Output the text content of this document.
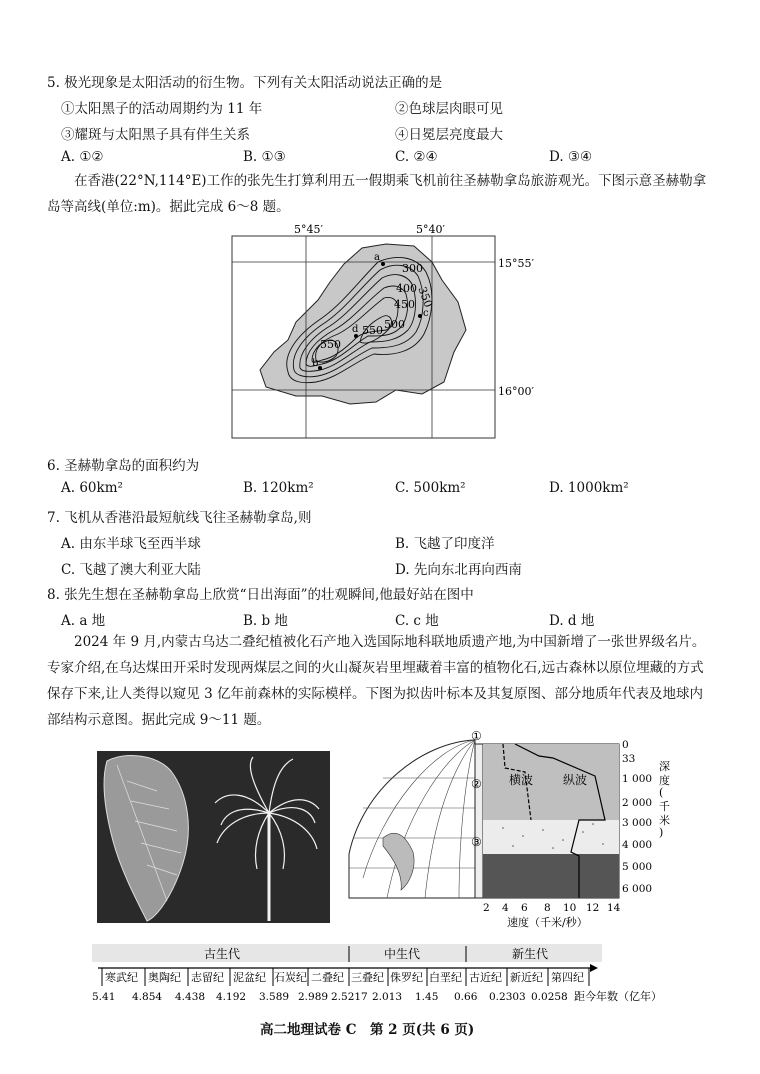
5. 极光现象是太阳活动的衍生物。下列有关太阳活动说法正确的是
①太阳黑子的活动周期约为 11 年	②色球层肉眼可见
③耀斑与太阳黑子具有伴生关系	④日冕层亮度最大
A. ①②	B. ①③	C. ②④	D. ③④
在香港(22°N,114°E)工作的张先生打算利用五一假期乘飞机前往圣赫勒拿岛旅游观光。下图示意圣赫勒拿岛等高线(单位:m)。据此完成 6～8 题。
a
b
c
d
300
350
400
450
500
550
550
5°45′	5°40′
15°55′
16°00′
6. 圣赫勒拿岛的面积约为
A. 60km²	B. 120km²	C. 500km²	D. 1000km²
7. 飞机从香港沿最短航线飞往圣赫勒拿岛,则
A. 由东半球飞至西半球	B. 飞越了印度洋
C. 飞越了澳大利亚大陆	D. 先向东北再向西南
8. 张先生想在圣赫勒拿岛上欣赏“日出海面”的壮观瞬间,他最好站在图中
A. a 地	B. b 地	C. c 地	D. d 地
2024 年 9 月,内蒙古乌达二叠纪植被化石产地入选国际地科联地质遗产地,为中国新增了一张世界级名片。专家介绍,在乌达煤田开采时发现两煤层之间的火山凝灰岩里埋藏着丰富的植物化石,远古森林以原位埋藏的方式保存下来,让人类得以窥见 3 亿年前森林的实际模样。下图为拟齿叶标本及其复原图、部分地质年代表及地球内部结构示意图。据此完成 9～11 题。
①
②
③
横波 纵波
0
33
1 000
2 000
3 000
4 000
5 000
6 000
深
度
(
千
米
)
2 4 6 8 10 12 14
速度（千米/秒）
古生代	中生代	新生代
寒武纪 奥陶纪 志留纪 泥盆纪 石炭纪 二叠纪 三叠纪 侏罗纪 白垩纪 古近纪 新近纪 第四纪
5.41 4.854 4.438 4.192 3.589 2.989 2.5217 2.013 1.45 0.66 0.2303 0.0258 距今年数（亿年）
高二地理试卷 C　第 2 页(共 6 页)
